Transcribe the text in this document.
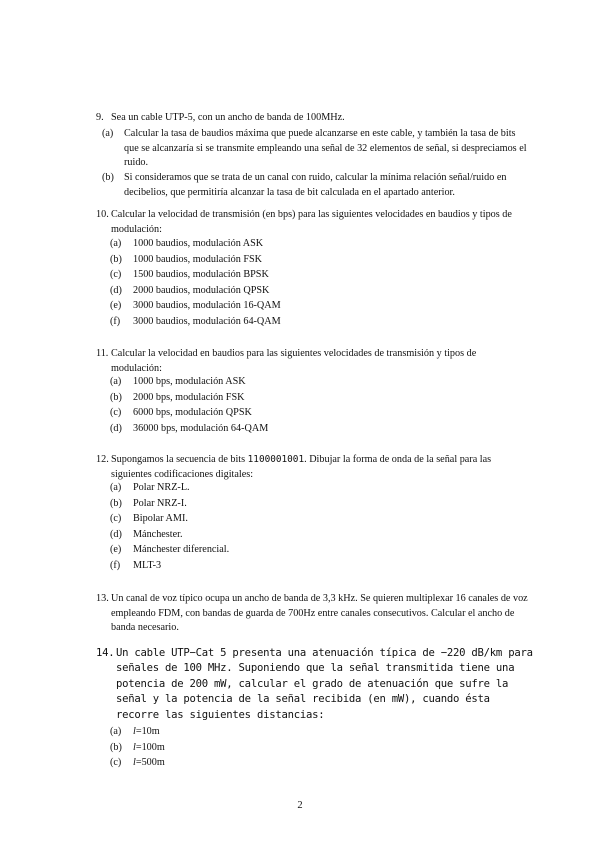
9. Sea un cable UTP-5, con un ancho de banda de 100MHz.
(a) Calcular la tasa de baudios máxima que puede alcanzarse en este cable, y también la tasa de bits que se alcanzaría si se transmite empleando una señal de 32 elementos de señal, si despreciamos el ruido.
(b) Si consideramos que se trata de un canal con ruido, calcular la mínima relación señal/ruido en decibelios, que permitiría alcanzar la tasa de bit calculada en el apartado anterior.
10. Calcular la velocidad de transmisión (en bps) para las siguientes velocidades en baudios y tipos de modulación:
(a) 1000 baudios, modulación ASK
(b) 1000 baudios, modulación FSK
(c) 1500 baudios, modulación BPSK
(d) 2000 baudios, modulación QPSK
(e) 3000 baudios, modulación 16-QAM
(f) 3000 baudios, modulación 64-QAM
11. Calcular la velocidad en baudios para las siguientes velocidades de transmisión y tipos de modulación:
(a) 1000 bps, modulación ASK
(b) 2000 bps, modulación FSK
(c) 6000 bps, modulación QPSK
(d) 36000 bps, modulación 64-QAM
12. Supongamos la secuencia de bits 1100001001. Dibujar la forma de onda de la señal para las siguientes codificaciones digitales:
(a) Polar NRZ-L.
(b) Polar NRZ-I.
(c) Bipolar AMI.
(d) Mánchester.
(e) Mánchester diferencial.
(f) MLT-3
13. Un canal de voz típico ocupa un ancho de banda de 3,3 kHz. Se quieren multiplexar 16 canales de voz empleando FDM, con bandas de guarda de 700Hz entre canales consecutivos. Calcular el ancho de banda necesario.
14. Un cable UTP−Cat 5 presenta una atenuación típica de −220 dB/km para señales de 100 MHz. Suponiendo que la señal transmitida tiene una potencia de 200 mW, calcular el grado de atenuación que sufre la señal y la potencia de la señal recibida (en mW), cuando ésta recorre las siguientes distancias:
(a) l=10m
(b) l=100m
(c) l=500m
2
